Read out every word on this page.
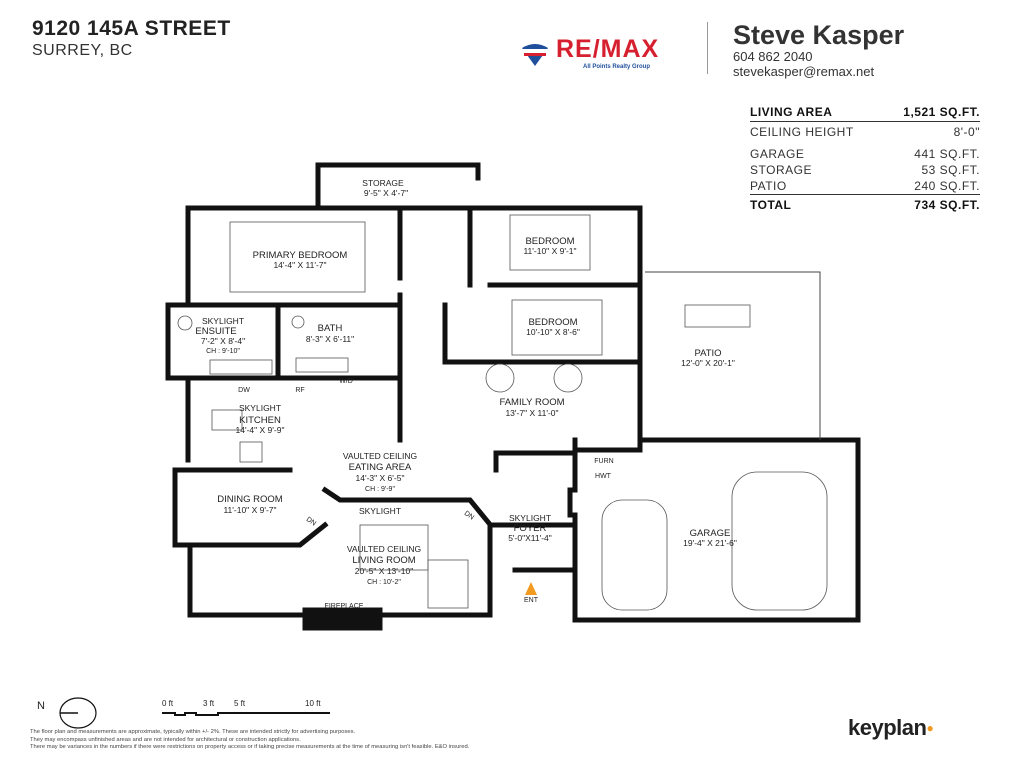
9120 145A STREET
SURREY, BC	RE/MAX
All Points Realty Group
Steve Kasper
604 862 2040
stevekasper@remax.net
LIVING AREA	1,521 SQ.FT.
CEILING HEIGHT	8'-0"
GARAGE	441 SQ.FT.
STORAGE	53 SQ.FT.
PATIO	240 SQ.FT.
TOTAL	734 SQ.FT.
STORAGE
9'-5" X 4'-7"
PRIMARY BEDROOM
14'-4" X 11'-7"
BEDROOM
11'-10" X 9'-1"
BEDROOM
10'-10" X 8'-6"
PATIO
12'-0" X 20'-1"
SKYLIGHT
ENSUITE
7'-2" X 8'-4"
CH : 9'-10"
BATH
8'-3" X 6'-11"
DW	RF
W/D
SKYLIGHT
KITCHEN
14'-4" X 9'-9"
FAMILY ROOM
13'-7" X 11'-0"
VAULTED CEILING
EATING AREA
14'-3" X 6'-5"
CH : 9'-9"
FURN
HWT
DINING ROOM
11'-10" X 9'-7"	SKYLIGHT
DN
DN	SKYLIGHT
FOYER
5'-0"X11'-4"	GARAGE
19'-4" X 21'-6"
VAULTED CEILING
LIVING ROOM
20'-5" X 13'-10"
CH : 10'-2"
FIREPLACE
ENT
N	0 ft	3 ft 5 ft	10 ft
The floor plan and measurements are approximate, typically within +/- 2%. These are intended strictly for advertising purposes.
They may encompass unfinished areas and are not intended for architectural or construction applications.
There may be variances in the numbers if there were restrictions on property access or if taking precise measurements at the time of measuring isn't feasible. E&O insured.
keyplan●
